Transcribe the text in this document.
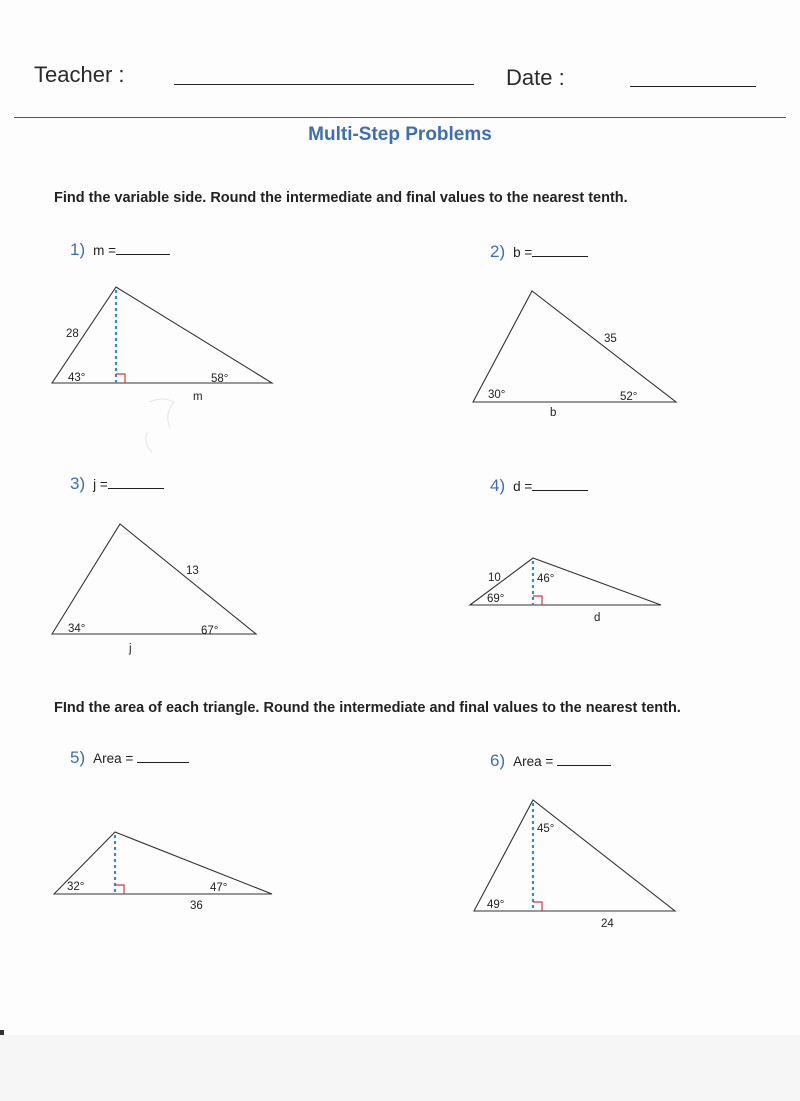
Teacher :	Date :
Multi-Step Problems
Find the variable side. Round the intermediate and final values to the nearest tenth.
1) m =	2) b =
3) j =	4) d =
FInd the area of each triangle. Round the intermediate and final values to the nearest tenth.
5) Area =	6) Area =
28
43°	58°
m
35
30°	52°
b
13
34°	67°
j
10	46°
69°
d
32°	47°
36
45°
49°
24
